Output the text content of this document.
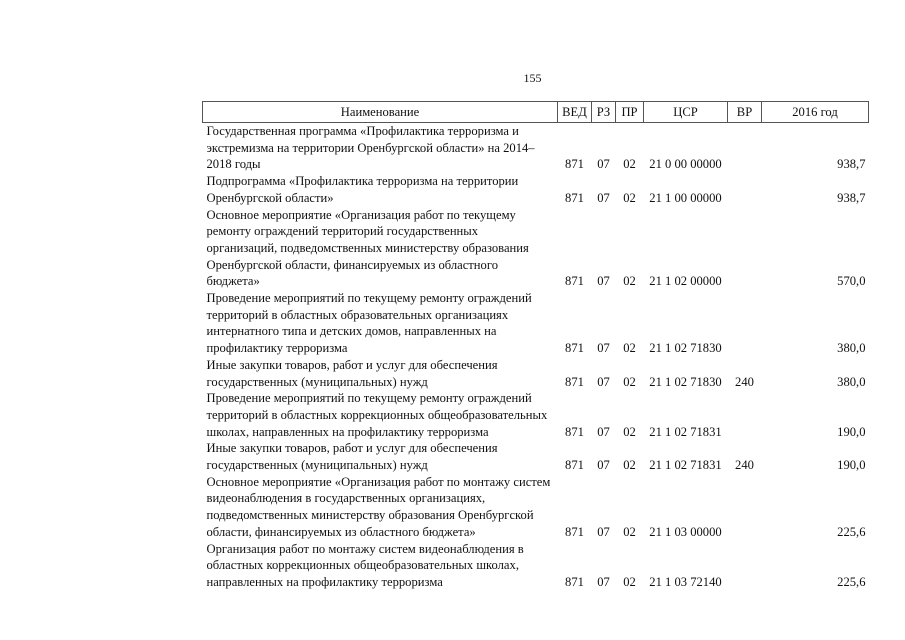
155
Наименование	ВЕД	РЗ	ПР	ЦСР	ВР	2016 год
Государственная программа «Профилактика терроризма и экстремизма на территории Оренбургской области» на 2014–2018 годы	871	07	02	21 0 00 00000		938,7
Подпрограмма «Профилактика терроризма на территории Оренбургской области»	871	07	02	21 1 00 00000		938,7
Основное мероприятие «Организация работ по текущему ремонту ограждений территорий государственных организаций, подведомственных министерству образования Оренбургской области, финансируемых из областного бюджета»	871	07	02	21 1 02 00000		570,0
Проведение мероприятий по текущему ремонту ограждений территорий в областных образовательных организациях интернатного типа и детских домов, направленных на профилактику терроризма	871	07	02	21 1 02 71830		380,0
Иные закупки товаров, работ и услуг для обеспечения государственных (муниципальных) нужд	871	07	02	21 1 02 71830	240	380,0
Проведение мероприятий по текущему ремонту ограждений территорий в областных коррекционных общеобразовательных школах, направленных на профилактику терроризма	871	07	02	21 1 02 71831		190,0
Иные закупки товаров, работ и услуг для обеспечения государственных (муниципальных) нужд	871	07	02	21 1 02 71831	240	190,0
Основное мероприятие «Организация работ по монтажу систем видеонаблюдения в государственных организациях, подведомственных министерству образования Оренбургской области, финансируемых из областного бюджета»	871	07	02	21 1 03 00000		225,6
Организация работ по монтажу систем видеонаблюдения в областных коррекционных общеобразовательных школах, направленных на профилактику терроризма	871	07	02	21 1 03 72140		225,6
